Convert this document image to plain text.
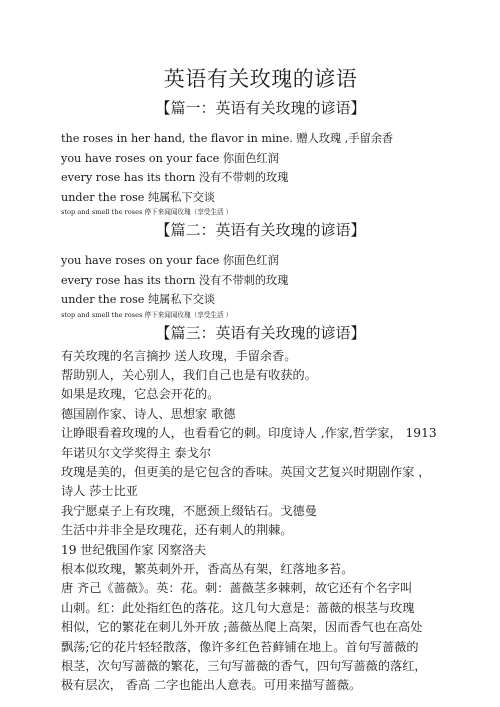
英语有关玫瑰的谚语
【篇一：英语有关玫瑰的谚语】
the roses in her hand, the flavor in mine. 赠人玫瑰 ,手留余香
you have roses on your face 你面色红润
every rose has its thorn 没有不带刺的玫瑰
under the rose 纯属私下交谈
stop and smell the roses 停下来闻闻玫瑰（享受生活 ）
【篇二：英语有关玫瑰的谚语】
you have roses on your face 你面色红润
every rose has its thorn 没有不带刺的玫瑰
under the rose 纯属私下交谈
stop and smell the roses 停下来闻闻玫瑰（享受生活 ）
【篇三：英语有关玫瑰的谚语】
有关玫瑰的名言摘抄 送人玫瑰，手留余香。
帮助别人，关心别人，我们自己也是有收获的。
如果是玫瑰，它总会开花的。
德国剧作家、诗人、思想家 歌德
让睁眼看着玫瑰的人，也看看它的刺。印度诗人 ,作家,哲学家， 1913
年诺贝尔文学奖得主 泰戈尔
玫瑰是美的，但更美的是它包含的香味。英国文艺复兴时期剧作家 ，
诗人 莎士比亚
我宁愿桌子上有玫瑰，不愿颈上缀钻石。戈德曼
生活中并非全是玫瑰花，还有刺人的荆棘。
19 世纪俄国作家 冈察洛夫
根本似玫瑰，繁英刺外开，香高丛有架，红落地多苔。
唐 齐己《蔷薇》。英：花。刺：蔷薇茎多棘刺，故它还有个名字叫
山刺。红：此处指红色的落花。这几句大意是：蔷薇的根茎与玫瑰
相似，它的繁花在刺儿外开放 ;蔷薇丛爬上高架，因而香气也在高处
飘荡;它的花片轻轻散落，像许多红色苔藓铺在地上。首句写蔷薇的
根茎，次句写蔷薇的繁花，三句写蔷薇的香气，四句写蔷薇的落红，
极有层次， 香高 二字也能出人意表。可用来描写蔷薇。
